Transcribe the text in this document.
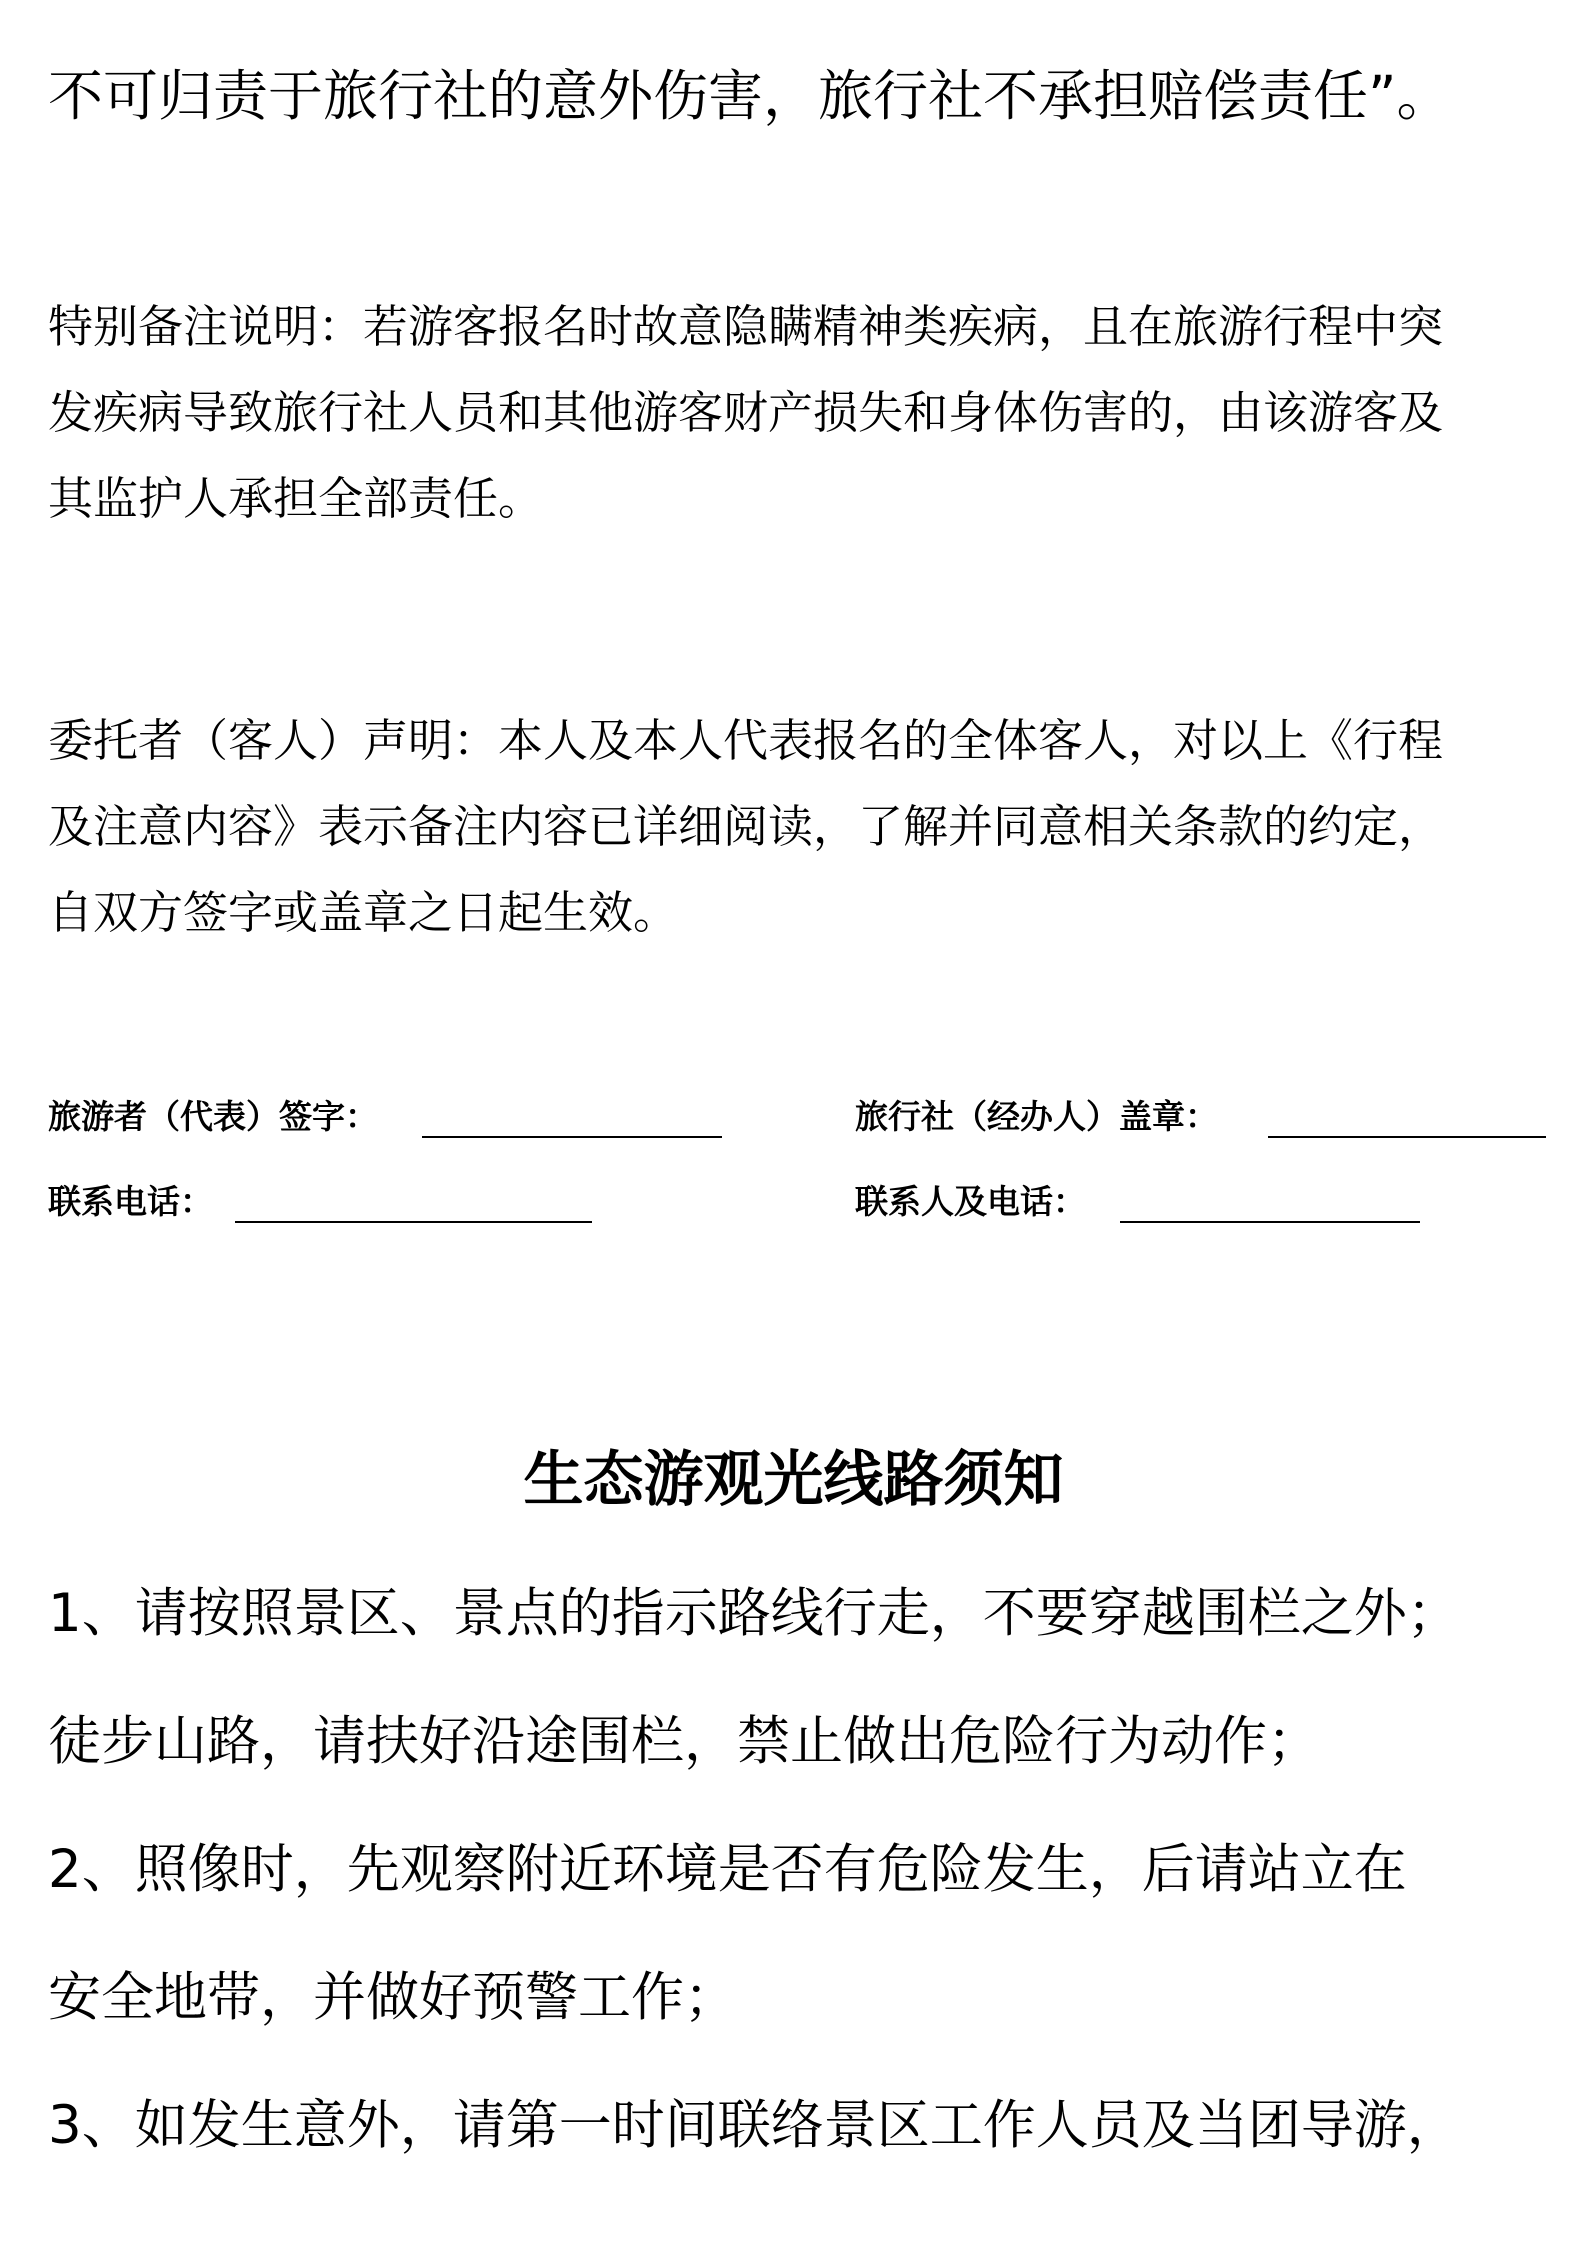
不可归责于旅行社的意外伤害，旅行社不承担赔偿责任”。

特别备注说明：若游客报名时故意隐瞒精神类疾病，且在旅游行程中突
发疾病导致旅行社人员和其他游客财产损失和身体伤害的，由该游客及
其监护人承担全部责任。
委托者（客人）声明：本人及本人代表报名的全体客人，对以上《行程
及注意内容》表示备注内容已详细阅读，了解并同意相关条款的约定，
自双方签字或盖章之日起生效。
旅游者（代表）签字：	旅行社（经办人）盖章：
联系电话：	联系人及电话：
生态游观光线路须知
1、请按照景区、景点的指示路线行走，不要穿越围栏之外；
徒步山路，请扶好沿途围栏，禁止做出危险行为动作；
2、照像时，先观察附近环境是否有危险发生，后请站立在
安全地带，并做好预警工作；
3、如发生意外，请第一时间联络景区工作人员及当团导游，
